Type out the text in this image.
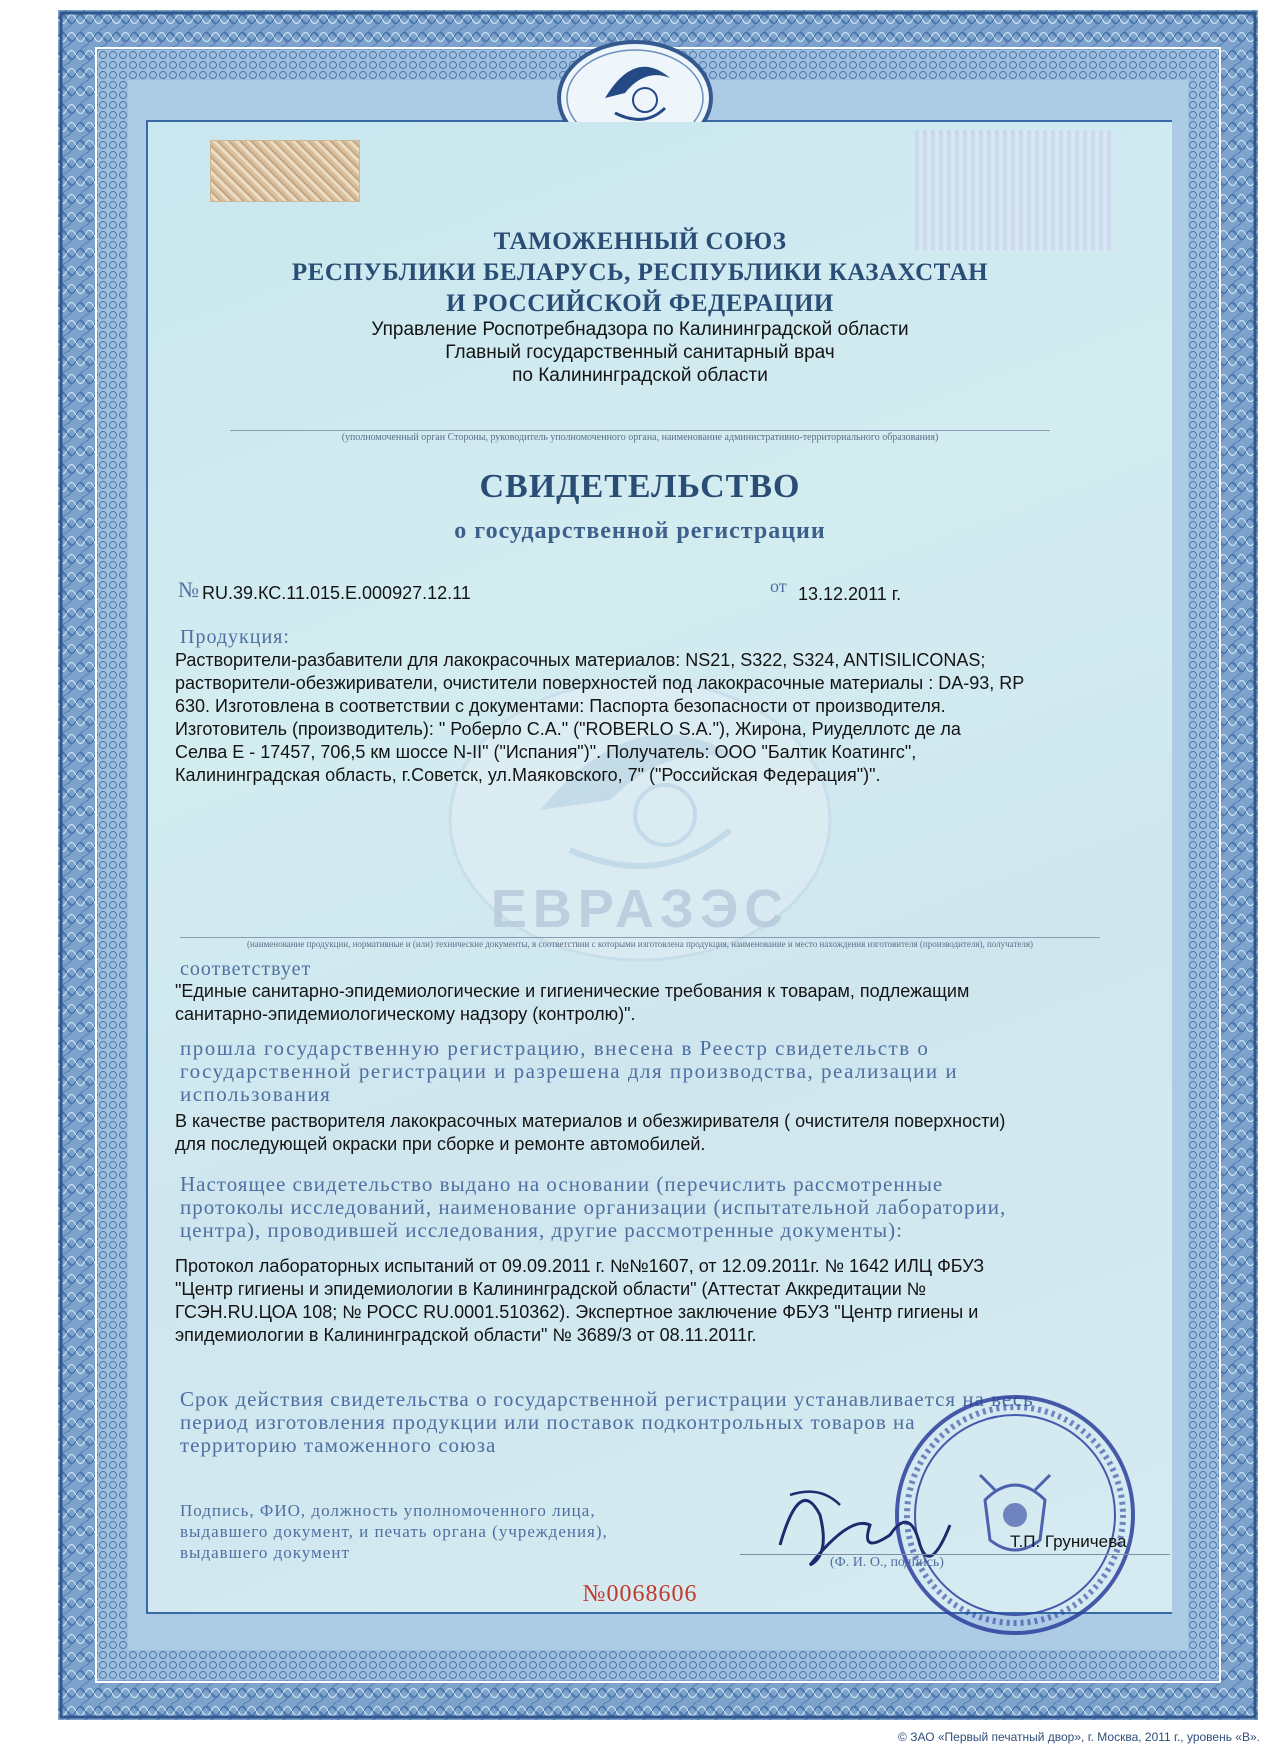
ЕВРАЗЭС
ТАМОЖЕННЫЙ СОЮЗ
РЕСПУБЛИКИ БЕЛАРУСЬ, РЕСПУБЛИКИ КАЗАХСТАН
И РОССИЙСКОЙ ФЕДЕРАЦИИ
Управление Роспотребнадзора по Калининградской области
Главный государственный санитарный врач
по Калининградской области
(уполномоченный орган Стороны, руководитель уполномоченного органа, наименование административно-территориального образования)
СВИДЕТЕЛЬСТВО
о государственной регистрации
№ RU.39.КС.11.015.Е.000927.12.11	от 13.12.2011 г.
Продукция:
Растворители-разбавители для лакокрасочных материалов: NS21, S322, S324, ANTISILICONAS;
растворители-обезжириватели, очистители поверхностей под лакокрасочные материалы : DA-93, RP
630. Изготовлена в соответствии с документами: Паспорта безопасности от производителя.
Изготовитель (производитель): " Роберло С.А." ("ROBERLO S.A."), Жирона, Риуделлотс де ла
Селва Е - 17457, 706,5 км шоссе N-II" ("Испания")". Получатель: ООО "Балтик Коатингс",
Калининградская область, г.Советск, ул.Маяковского, 7" ("Российская Федерация")".
(наименование продукции, нормативные и (или) технические документы, в соответствии с которыми изготовлена продукция, наименование и место нахождения изготовителя (производителя), получателя)
соответствует
"Единые санитарно-эпидемиологические и гигиенические требования к товарам, подлежащим
санитарно-эпидемиологическому надзору (контролю)".
прошла государственную регистрацию, внесена в Реестр свидетельств о
государственной регистрации и разрешена для производства, реализации и
использования
В качестве растворителя лакокрасочных материалов и обезжиривателя ( очистителя поверхности)
для последующей окраски при сборке и ремонте автомобилей.
Настоящее свидетельство выдано на основании (перечислить рассмотренные
протоколы исследований, наименование организации (испытательной лаборатории,
центра), проводившей исследования, другие рассмотренные документы):
Протокол лабораторных испытаний от 09.09.2011 г. №№1607, от 12.09.2011г. № 1642 ИЛЦ ФБУЗ
"Центр гигиены и эпидемиологии в Калининградской области" (Аттестат Аккредитации №
ГСЭН.RU.ЦОА 108; № РОСС RU.0001.510362). Экспертное заключение ФБУЗ "Центр гигиены и
эпидемиологии в Калининградской области" № 3689/3 от 08.11.2011г.
Срок действия свидетельства о государственной регистрации устанавливается на весь
период изготовления продукции или поставок подконтрольных товаров на
территорию таможенного союза
Подпись, ФИО, должность уполномоченного лица,
выдавшего документ, и печать органа (учреждения),
выдавшего документ
Т.П. Груничева
(Ф. И. О., подпись)
№0068606
© ЗАО «Первый печатный двор», г. Москва, 2011 г., уровень «В».
